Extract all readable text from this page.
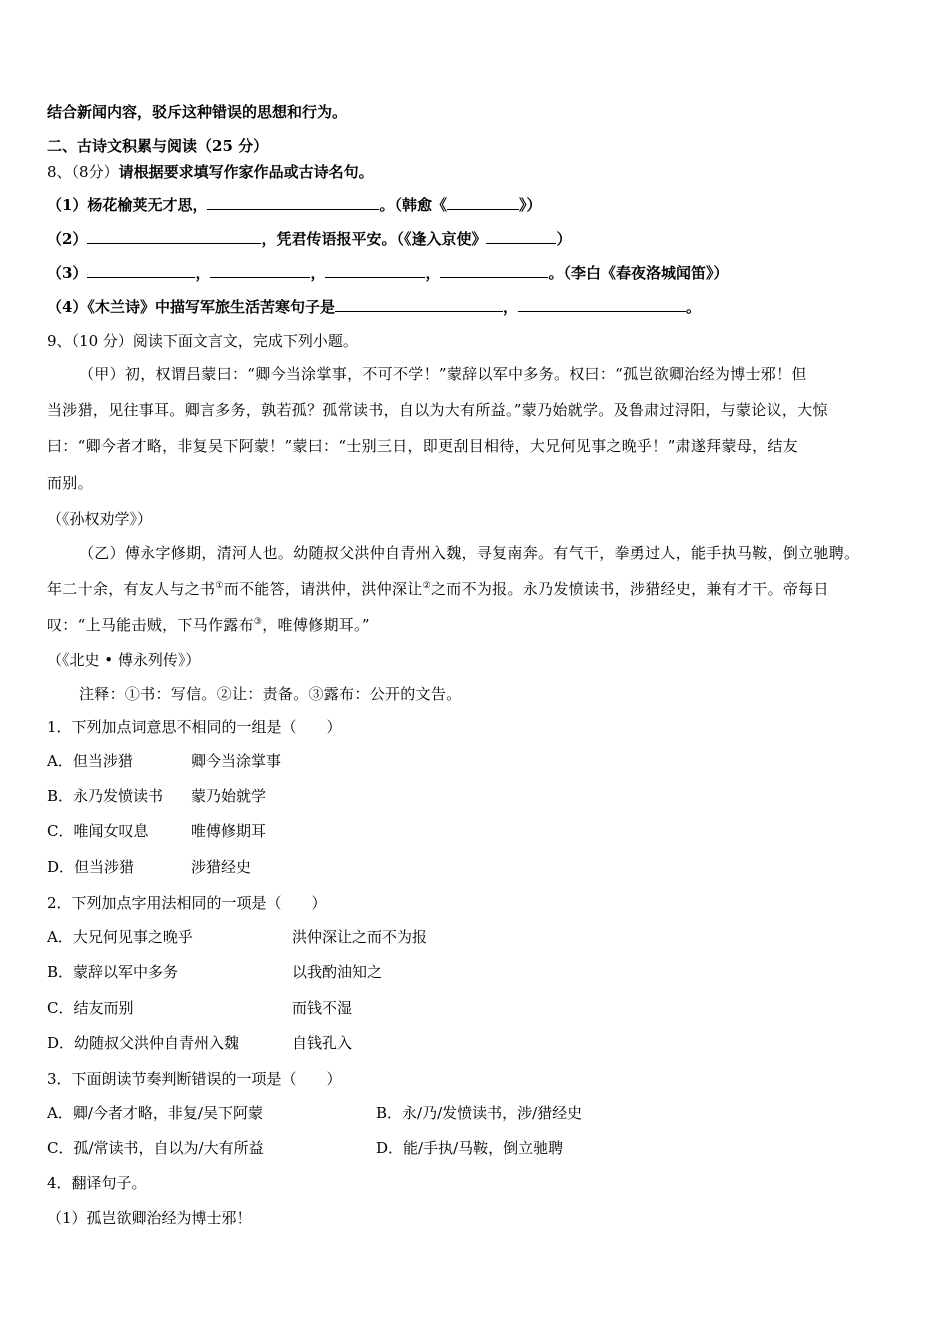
结合新闻内容，驳斥这种错误的思想和行为。
二、古诗文积累与阅读（25 分）
8、（8分）请根据要求填写作家作品或古诗名句。
（1）杨花榆荚无才思，	。（韩愈《	》）
（2）	，凭君传语报平安。（《逢入京使》	）
（3）	，	，	，	。（李白《春夜洛城闻笛》）
（4）《木兰诗》中描写军旅生活苦寒句子是	，	。
9、（10 分）阅读下面文言文，完成下列小题。
（甲）初，权谓吕蒙曰：“卿今当涂掌事，不可不学！”蒙辞以军中多务。权曰：“孤岂欲卿治经为博士邪！但
当涉猎，见往事耳。卿言多务，孰若孤？孤常读书，自以为大有所益。”蒙乃始就学。及鲁肃过浔阳，与蒙论议，大惊
曰：“卿今者才略，非复吴下阿蒙！”蒙曰：“士别三日，即更刮目相待，大兄何见事之晚乎！”肃遂拜蒙母，结友
而别。
（《孙权劝学》）
（乙）傅永字修期，清河人也。幼随叔父洪仲自青州入魏，寻复南奔。有气干，拳勇过人，能手执马鞍，倒立驰聘。
年二十余，有友人与之书①而不能答，请洪仲，洪仲深让②之而不为报。永乃发愤读书，涉猎经史，兼有才干。帝每日
叹：“上马能击贼，下马作露布③，唯傅修期耳。”
（《北史 • 傅永列传》）
注释：①书：写信。②让：责备。③露布：公开的文告。
1．下列加点词意思不相同的一组是（　　）
A．但当涉猎	卿今当涂掌事
B．永乃发愤读书 蒙乃始就学
C．唯闻女叹息	唯傅修期耳
D．但当涉猎	涉猎经史
2．下列加点字用法相同的一项是（　　）
A．大兄何见事之晚乎	洪仲深让之而不为报
B．蒙辞以军中多务	以我酌油知之
C．结友而别	而钱不湿
D．幼随叔父洪仲自青州入魏	自钱孔入
3．下面朗读节奏判断错误的一项是（　　）
A．卿/今者才略，非复/吴下阿蒙	B．永/乃/发愤读书，涉/猎经史
C．孤/常读书，自以为/大有所益	D．能/手执/马鞍，倒立驰聘
4．翻译句子。
（1）孤岂欲卿治经为博士邪！
